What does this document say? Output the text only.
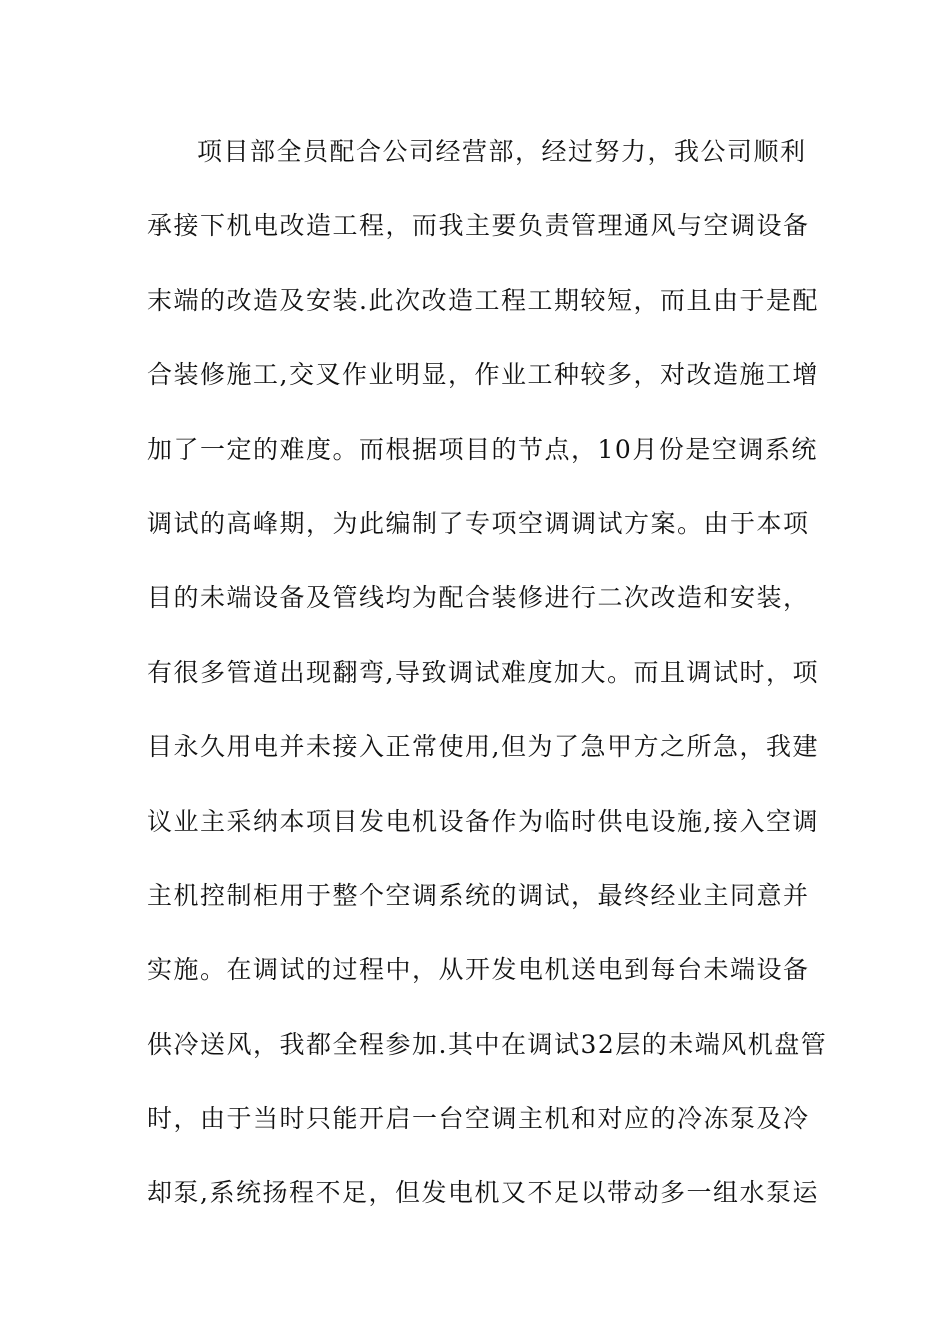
项目部全员配合公司经营部，经过努力，我公司顺利
承接下机电改造工程，而我主要负责管理通风与空调设备
末端的改造及安装.此次改造工程工期较短，而且由于是配
合装修施工,交叉作业明显，作业工种较多，对改造施工增
加了一定的难度。而根据项目的节点，10月份是空调系统
调试的高峰期，为此编制了专项空调调试方案。由于本项
目的未端设备及管线均为配合装修进行二次改造和安装，
有很多管道出现翻弯,导致调试难度加大。而且调试时，项
目永久用电并未接入正常使用,但为了急甲方之所急，我建
议业主采纳本项目发电机设备作为临时供电设施,接入空调
主机控制柜用于整个空调系统的调试，最终经业主同意并
实施。在调试的过程中，从开发电机送电到每台未端设备
供冷送风，我都全程参加.其中在调试32层的未端风机盘管
时，由于当时只能开启一台空调主机和对应的冷冻泵及冷
却泵,系统扬程不足，但发电机又不足以带动多一组水泵运
